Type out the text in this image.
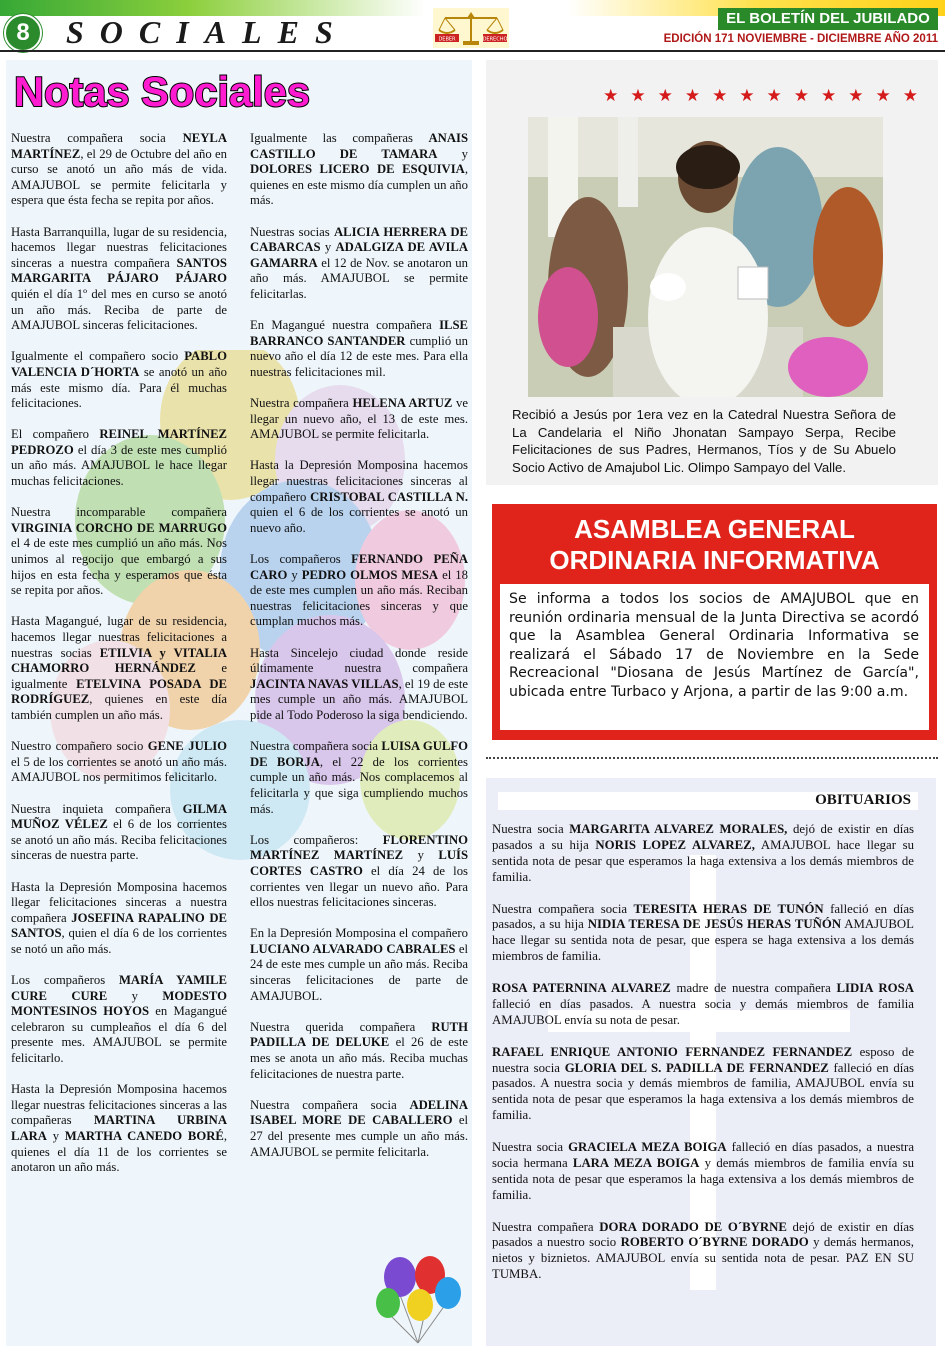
8	SOCIALES	DEBER	DERECHO
EL BOLETÍN DEL JUBILADO
EDICIÓN 171 NOVIEMBRE - DICIEMBRE AÑO 2011
Notas Sociales

Nuestra compañera socia NEYLA MARTÍNEZ, el 29 de Octubre del año en curso se anotó un año más de vida. AMAJUBOL se permite felicitarla y espera que ésta fecha se repita por años.

Hasta Barranquilla, lugar de su residencia, hacemos llegar nuestras felicitaciones sinceras a nuestra compañera SANTOS MARGARITA PÁJARO PÁJARO quién el día 1º del mes en curso se anotó un año más. Reciba de parte de AMAJUBOL sinceras felicitaciones.

Igualmente el compañero socio PABLO VALENCIA D´HORTA se anotó un año más este mismo día. Para él muchas felicitaciones.

El compañero REINEL MARTÍNEZ PEDROZO el día 3 de este mes cumplió un año más. AMAJUBOL le hace llegar muchas felicitaciones.

Nuestra incomparable compañera VIRGINIA CORCHO DE MARRUGO el 4 de este mes cumplió un año más. Nos unimos al regocijo que embargó a sus hijos en esta fecha y esperamos que ésta se repita por años.

Hasta Magangué, lugar de su residencia, hacemos llegar nuestras felicitaciones a nuestras socias ETILVIA y VITALIA CHAMORRO HERNÁNDEZ e igualmente ETELVINA POSADA DE RODRÍGUEZ, quienes en este día también cumplen un año más.

Nuestro compañero socio GENE JULIO el 5 de los corrientes se anotó un año más. AMAJUBOL nos permitimos felicitarlo.

Nuestra inquieta compañera GILMA MUÑOZ VÉLEZ el 6 de los corrientes se anotó un año más. Reciba felicitaciones sinceras de nuestra parte.

Hasta la Depresión Momposina hacemos llegar felicitaciones sinceras a nuestra compañera JOSEFINA RAPALINO DE SANTOS, quien el día 6 de los corrientes se notó un año más.

Los compañeros MARÍA YAMILE CURE CURE y MODESTO MONTESINOS HOYOS en Magangué celebraron su cumpleaños el día 6 del presente mes. AMAJUBOL se permite felicitarlo.

Hasta la Depresión Momposina hacemos llegar nuestras felicitaciones sinceras a las compañeras MARTINA URBINA LARA y MARTHA CANEDO BORÉ, quienes el día 11 de los corrientes se anotaron un año más.

Igualmente las compañeras ANAIS CASTILLO DE TAMARA y DOLORES LICERO DE ESQUIVIA, quienes en este mismo día cumplen un año más.

Nuestras socias ALICIA HERRERA DE CABARCAS y ADALGIZA DE AVILA GAMARRA el 12 de Nov. se anotaron un año más. AMAJUBOL se permite felicitarlas.

En Magangué nuestra compañera ILSE BARRANCO SANTANDER cumplió un nuevo año el día 12 de este mes. Para ella nuestras felicitaciones mil.

Nuestra compañera HELENA ARTUZ ve llegar un nuevo año, el 13 de este mes. AMAJUBOL se permite felicitarla.

Hasta la Depresión Momposina hacemos llegar nuestras felicitaciones sinceras al compañero CRISTOBAL CASTILLA N. quien el 6 de los corrientes se anotó un nuevo año.

Los compañeros FERNANDO PEÑA CARO y PEDRO OLMOS MESA el 18 de este mes cumplen un año más. Reciban nuestras felicitaciones sinceras y que cumplan muchos más.

Hasta Sincelejo ciudad donde reside últimamente nuestra compañera JACINTA NAVAS VILLAS, el 19 de este mes cumple un año más. AMAJUBOL pide al Todo Poderoso la siga bendiciendo.

Nuestra compañera socia LUISA GULFO DE BORJA, el 22 de los corrientes cumple un año más. Nos complacemos al felicitarla y que siga cumpliendo muchos más.

Los compañeros: FLORENTINO MARTÍNEZ MARTÍNEZ y LUÍS CORTES CASTRO el día 24 de los corrientes ven llegar un nuevo año. Para ellos nuestras felicitaciones sinceras.

En la Depresión Momposina el compañero LUCIANO ALVARADO CABRALES el 24 de este mes cumple un año más. Reciba sinceras felicitaciones de parte de AMAJUBOL.

Nuestra querida compañera RUTH PADILLA DE DELUKE el 26 de este mes se anota un año más. Reciba muchas felicitaciones de nuestra parte.

Nuestra compañera socia ADELINA ISABEL MORE DE CABALLERO el 27 del presente mes cumple un año más. AMAJUBOL se permite felicitarla.

★★★★★★★★★★★★
Recibió a Jesús por 1era vez en la Catedral Nuestra Señora de La Candelaria el Niño Jhonatan Sampayo Serpa, Recibe Felicitaciones de sus Padres, Hermanos, Tíos y de Su Abuelo Socio Activo de Amajubol Lic. Olimpo Sampayo del Valle.
ASAMBLEA GENERAL
ORDINARIA INFORMATIVA
Se informa a todos los socios de AMAJUBOL que en reunión ordinaria mensual de la Junta Directiva se acordó que la Asamblea General Ordinaria Informativa se realizará el Sábado 17 de Noviembre en la Sede Recreacional "Diosana de Jesús Martínez de García", ubicada entre Turbaco y Arjona, a partir de las 9:00 a.m.
OBITUARIOS

Nuestra socia MARGARITA ALVAREZ MORALES, dejó de existir en días pasados a su hija NORIS LOPEZ ALVAREZ, AMAJUBOL hace llegar su sentida nota de pesar que esperamos la haga extensiva a los demás miembros de familia.

Nuestra compañera socia TERESITA HERAS DE TUNÓN falleció en días pasados, a su hija NIDIA TERESA DE JESÚS HERAS TUÑÓN AMAJUBOL hace llegar su sentida nota de pesar, que espera se haga extensiva a los demás miembros de familia.

ROSA PATERNINA ALVAREZ madre de nuestra compañera LIDIA ROSA falleció en días pasados. A nuestra socia y demás miembros de familia AMAJUBOL envía su nota de pesar.

RAFAEL ENRIQUE ANTONIO FERNANDEZ FERNANDEZ esposo de nuestra socia GLORIA DEL S. PADILLA DE FERNANDEZ falleció en días pasados. A nuestra socia y demás miembros de familia, AMAJUBOL envía su sentida nota de pesar que esperamos la haga extensiva a los demás miembros de familia.

Nuestra socia GRACIELA MEZA BOIGA falleció en días pasados, a nuestra socia hermana LARA MEZA BOIGA y demás miembros de familia envía su sentida nota de pesar que esperamos la haga extensiva a los demás miembros de familia.

Nuestra compañera DORA DORADO DE O´BYRNE dejó de existir en días pasados a nuestro socio ROBERTO O´BYRNE DORADO y demás hermanos, nietos y biznietos. AMAJUBOL envía su sentida nota de pesar. PAZ EN SU TUMBA.
